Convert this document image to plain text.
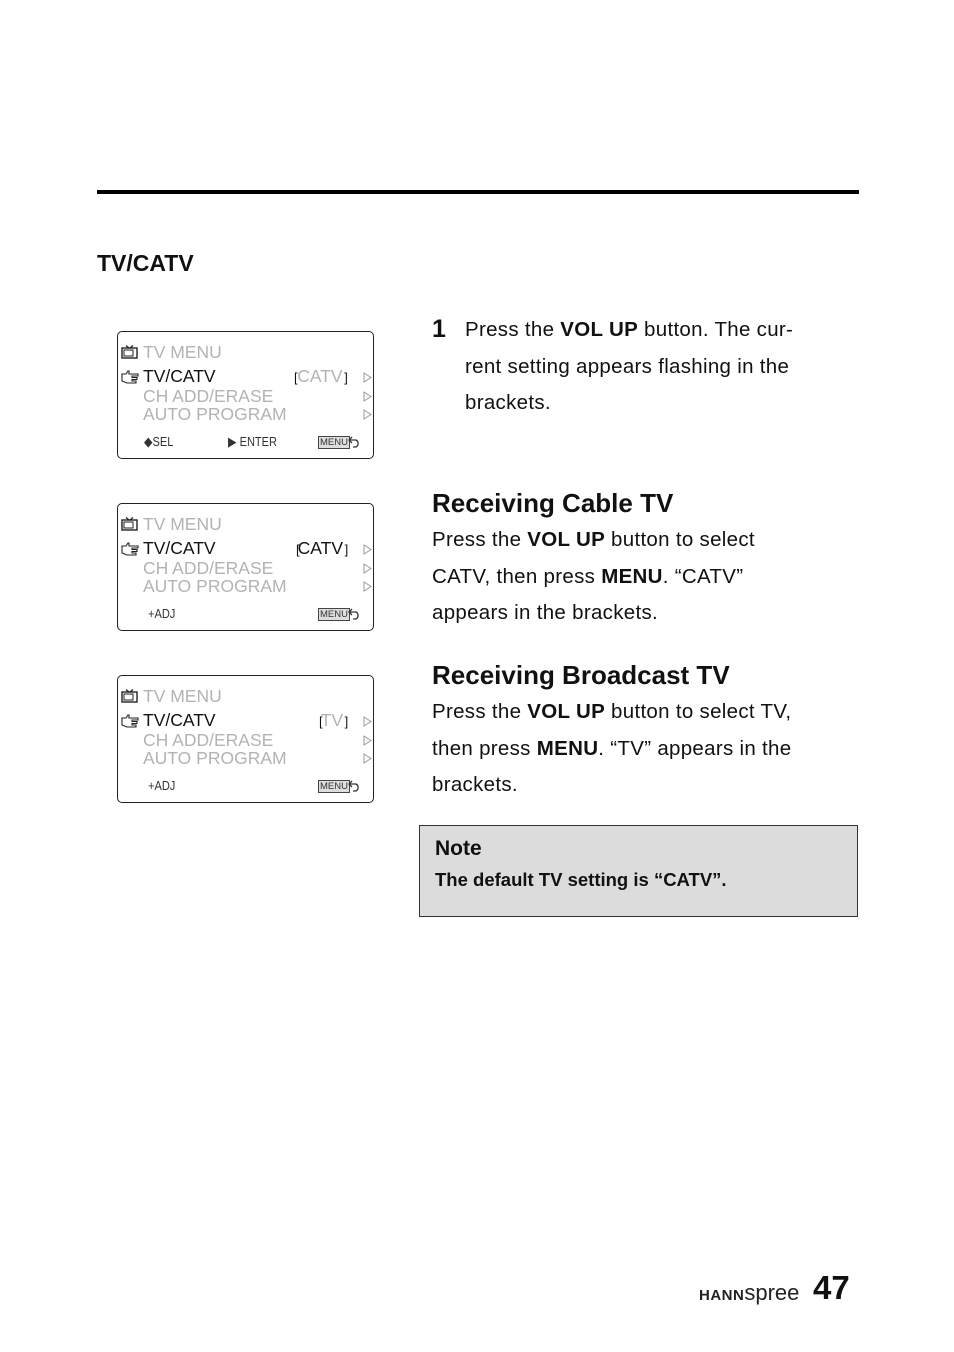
TV/CATV
TV MENU
TV/CATV	[ CATV ]
CH ADD/ERASE
AUTO PROGRAM
◆SEL	▶ ENTER	MENU
TV MENU
TV/CATV	[CATV ]
CH ADD/ERASE
AUTO PROGRAM
+ADJ	MENU
TV MENU
TV/CATV	[TV ]
CH ADD/ERASE
AUTO PROGRAM
+ADJ	MENU
1 Press the VOL UP button. The cur-
rent setting appears flashing in the
brackets.
Receiving Cable TV
Press the VOL UP button to select
CATV, then press MENU. “CATV”
appears in the brackets.
Receiving Broadcast TV
Press the VOL UP button to select TV,
then press MENU. “TV” appears in the
brackets.
Note
The default TV setting is “CATV”.
HANNspree 47
